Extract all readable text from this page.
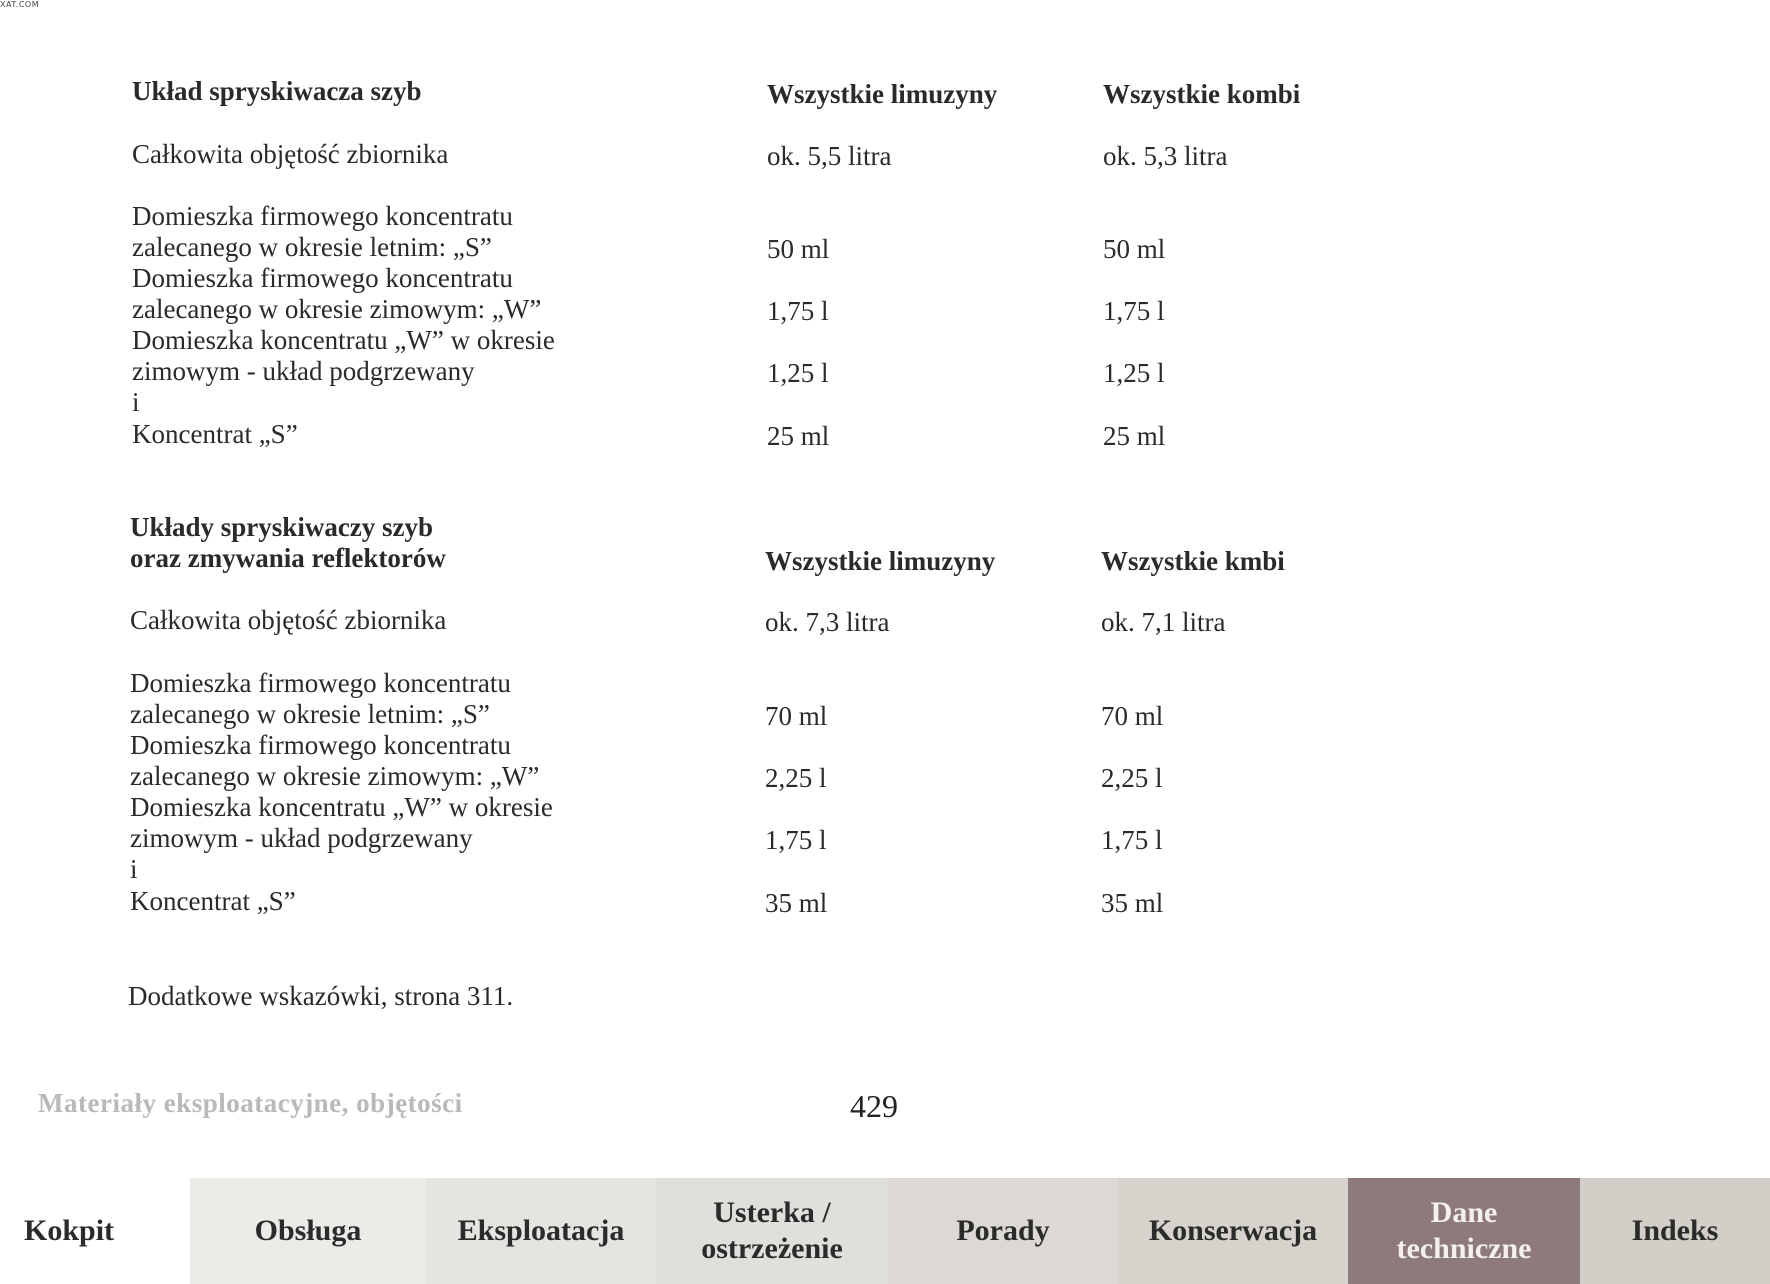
XAT.COM
Układ spryskiwacza szyb	Wszystkie limuzyny	Wszystkie kombi
Całkowita objętość zbiornika	ok. 5,5 litra	ok. 5,3 litra
Domieszka firmowego koncentratu
zalecanego w okresie letnim: „S”	50 ml	50 ml
Domieszka firmowego koncentratu
zalecanego w okresie zimowym: „W”	1,75 l	1,75 l
Domieszka koncentratu „W” w okresie
zimowym - układ podgrzewany
i
1,25 l	1,25 l
Koncentrat „S”	25 ml	25 ml
Układy spryskiwaczy szyb
oraz zmywania reflektorów	Wszystkie limuzyny	Wszystkie kmbi
Całkowita objętość zbiornika	ok. 7,3 litra	ok. 7,1 litra
Domieszka firmowego koncentratu
zalecanego w okresie letnim: „S”	70 ml	70 ml
Domieszka firmowego koncentratu
zalecanego w okresie zimowym: „W”	2,25 l	2,25 l
Domieszka koncentratu „W” w okresie
zimowym - układ podgrzewany
i
1,75 l	1,75 l
Koncentrat „S”	35 ml	35 ml
Dodatkowe wskazówki, strona 311.
Materiały eksploatacyjne, objętości	429
Kokpit	Obsługa	Eksploatacja
Usterka /
ostrzeżenie
Porady	Konserwacja
Dane
techniczne
Indeks
